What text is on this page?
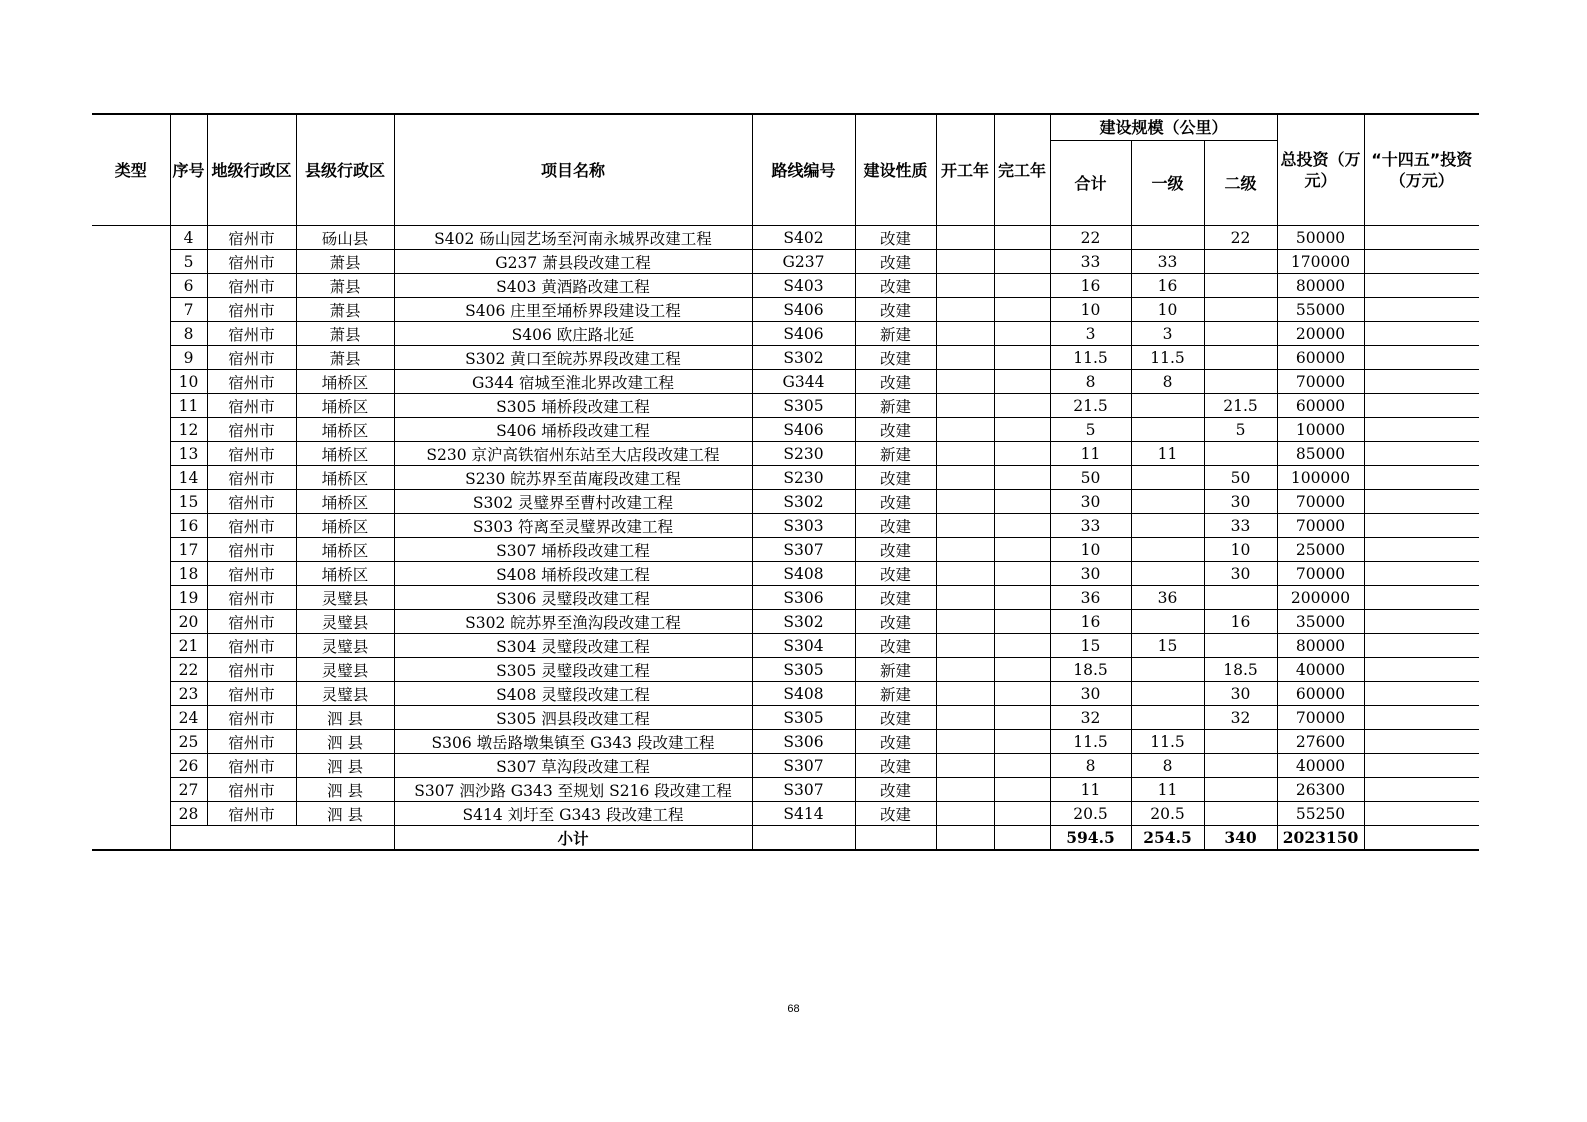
类型	序号	地级行政区	县级行政区	项目名称	路线编号	建设性质	开工年	完工年	建设规模（公里）			总投资（万元）	“十四五”投资（万元）
									合计	一级	二级		
	4	宿州市	砀山县	S402 砀山园艺场至河南永城界改建工程	S402	改建			22		22	50000	
	5	宿州市	萧县	G237 萧县段改建工程	G237	改建			33	33		170000	
	6	宿州市	萧县	S403 黄酒路改建工程	S403	改建			16	16		80000	
	7	宿州市	萧县	S406 庄里至埇桥界段建设工程	S406	改建			10	10		55000	
	8	宿州市	萧县	S406 欧庄路北延	S406	新建			3	3		20000	
	9	宿州市	萧县	S302 黄口至皖苏界段改建工程	S302	改建			11.5	11.5		60000	
	10	宿州市	埇桥区	G344 宿城至淮北界改建工程	G344	改建			8	8		70000	
	11	宿州市	埇桥区	S305 埇桥段改建工程	S305	新建			21.5		21.5	60000	
	12	宿州市	埇桥区	S406 埇桥段改建工程	S406	改建			5		5	10000	
	13	宿州市	埇桥区	S230 京沪高铁宿州东站至大店段改建工程	S230	新建			11	11		85000	
	14	宿州市	埇桥区	S230 皖苏界至苗庵段改建工程	S230	改建			50		50	100000	
	15	宿州市	埇桥区	S302 灵璧界至曹村改建工程	S302	改建			30		30	70000	
	16	宿州市	埇桥区	S303 符离至灵璧界改建工程	S303	改建			33		33	70000	
	17	宿州市	埇桥区	S307 埇桥段改建工程	S307	改建			10		10	25000	
	18	宿州市	埇桥区	S408 埇桥段改建工程	S408	改建			30		30	70000	
	19	宿州市	灵璧县	S306 灵璧段改建工程	S306	改建			36	36		200000	
	20	宿州市	灵璧县	S302 皖苏界至渔沟段改建工程	S302	改建			16		16	35000	
	21	宿州市	灵璧县	S304 灵璧段改建工程	S304	改建			15	15		80000	
	22	宿州市	灵璧县	S305 灵璧段改建工程	S305	新建			18.5		18.5	40000	
	23	宿州市	灵璧县	S408 灵璧段改建工程	S408	新建			30		30	60000	
	24	宿州市	泗 县	S305 泗县段改建工程	S305	改建			32		32	70000	
	25	宿州市	泗 县	S306 墩岳路墩集镇至 G343 段改建工程	S306	改建			11.5	11.5		27600	
	26	宿州市	泗 县	S307 草沟段改建工程	S307	改建			8	8		40000	
	27	宿州市	泗 县	S307 泗沙路 G343 至规划 S216 段改建工程	S307	改建			11	11		26300	
	28	宿州市	泗 县	S414 刘圩至 G343 段改建工程	S414	改建			20.5	20.5		55250	
				小计					594.5	254.5	340	2023150	
68
